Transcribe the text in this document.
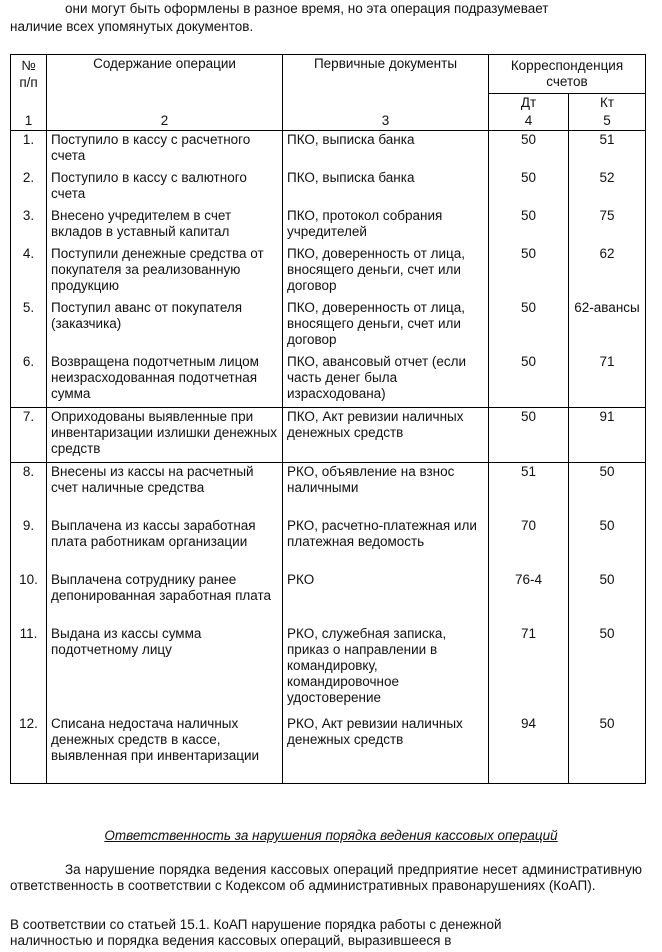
они могут быть оформлены в разное время, но эта операция подразумевает
наличие всех упомянутых документов.
№ п/п	Содержание операции	Первичные документы	Корреспонденция счетов	
			Дт	Кт
1	2	3	4	5
1.	Поступило в кассу с расчетного счета	ПКО, выписка банка	50	51
2.	Поступило в кассу с валютного счета	ПКО, выписка банка	50	52
3.	Внесено учредителем в счет вкладов в уставный капитал	ПКО, протокол собрания учредителей	50	75
4.	Поступили денежные средства от покупателя за реализованную продукцию	ПКО, доверенность от лица, вносящего деньги, счет или договор	50	62
5.	Поступил аванс от покупателя (заказчика)	ПКО, доверенность от лица, вносящего деньги, счет или договор	50	62-авансы
6.	Возвращена подотчетным лицом неизрасходованная подотчетная сумма	ПКО, авансовый отчет (если часть денег была израсходована)	50	71
7.	Оприходованы выявленные при инвентаризации излишки денежных средств	ПКО, Акт ревизии наличных денежных средств	50	91
8.	Внесены из кассы на расчетный счет наличные средства	РКО, объявление на взнос наличными	51	50
9.	Выплачена из кассы заработная плата работникам организации	РКО, расчетно-платежная или платежная ведомость	70	50
10.	Выплачена сотруднику ранее депонированная заработная плата	РКО	76-4	50
11.	Выдана из кассы сумма подотчетному лицу	РКО, служебная записка, приказ о направлении в командировку, командировочное удостоверение	71	50
12.	Списана недостача наличных денежных средств в кассе, выявленная при инвентаризации	РКО, Акт ревизии наличных денежных средств	94	50
Ответственность за нарушения порядка ведения кассовых операций
За нарушение порядка ведения кассовых операций предприятие несет административную ответственность в соответствии с Кодексом об административных правонарушениях (КоАП).
В соответствии со статьей 15.1. КоАП нарушение порядка работы с денежной
наличностью и порядка ведения кассовых операций, выразившееся в
